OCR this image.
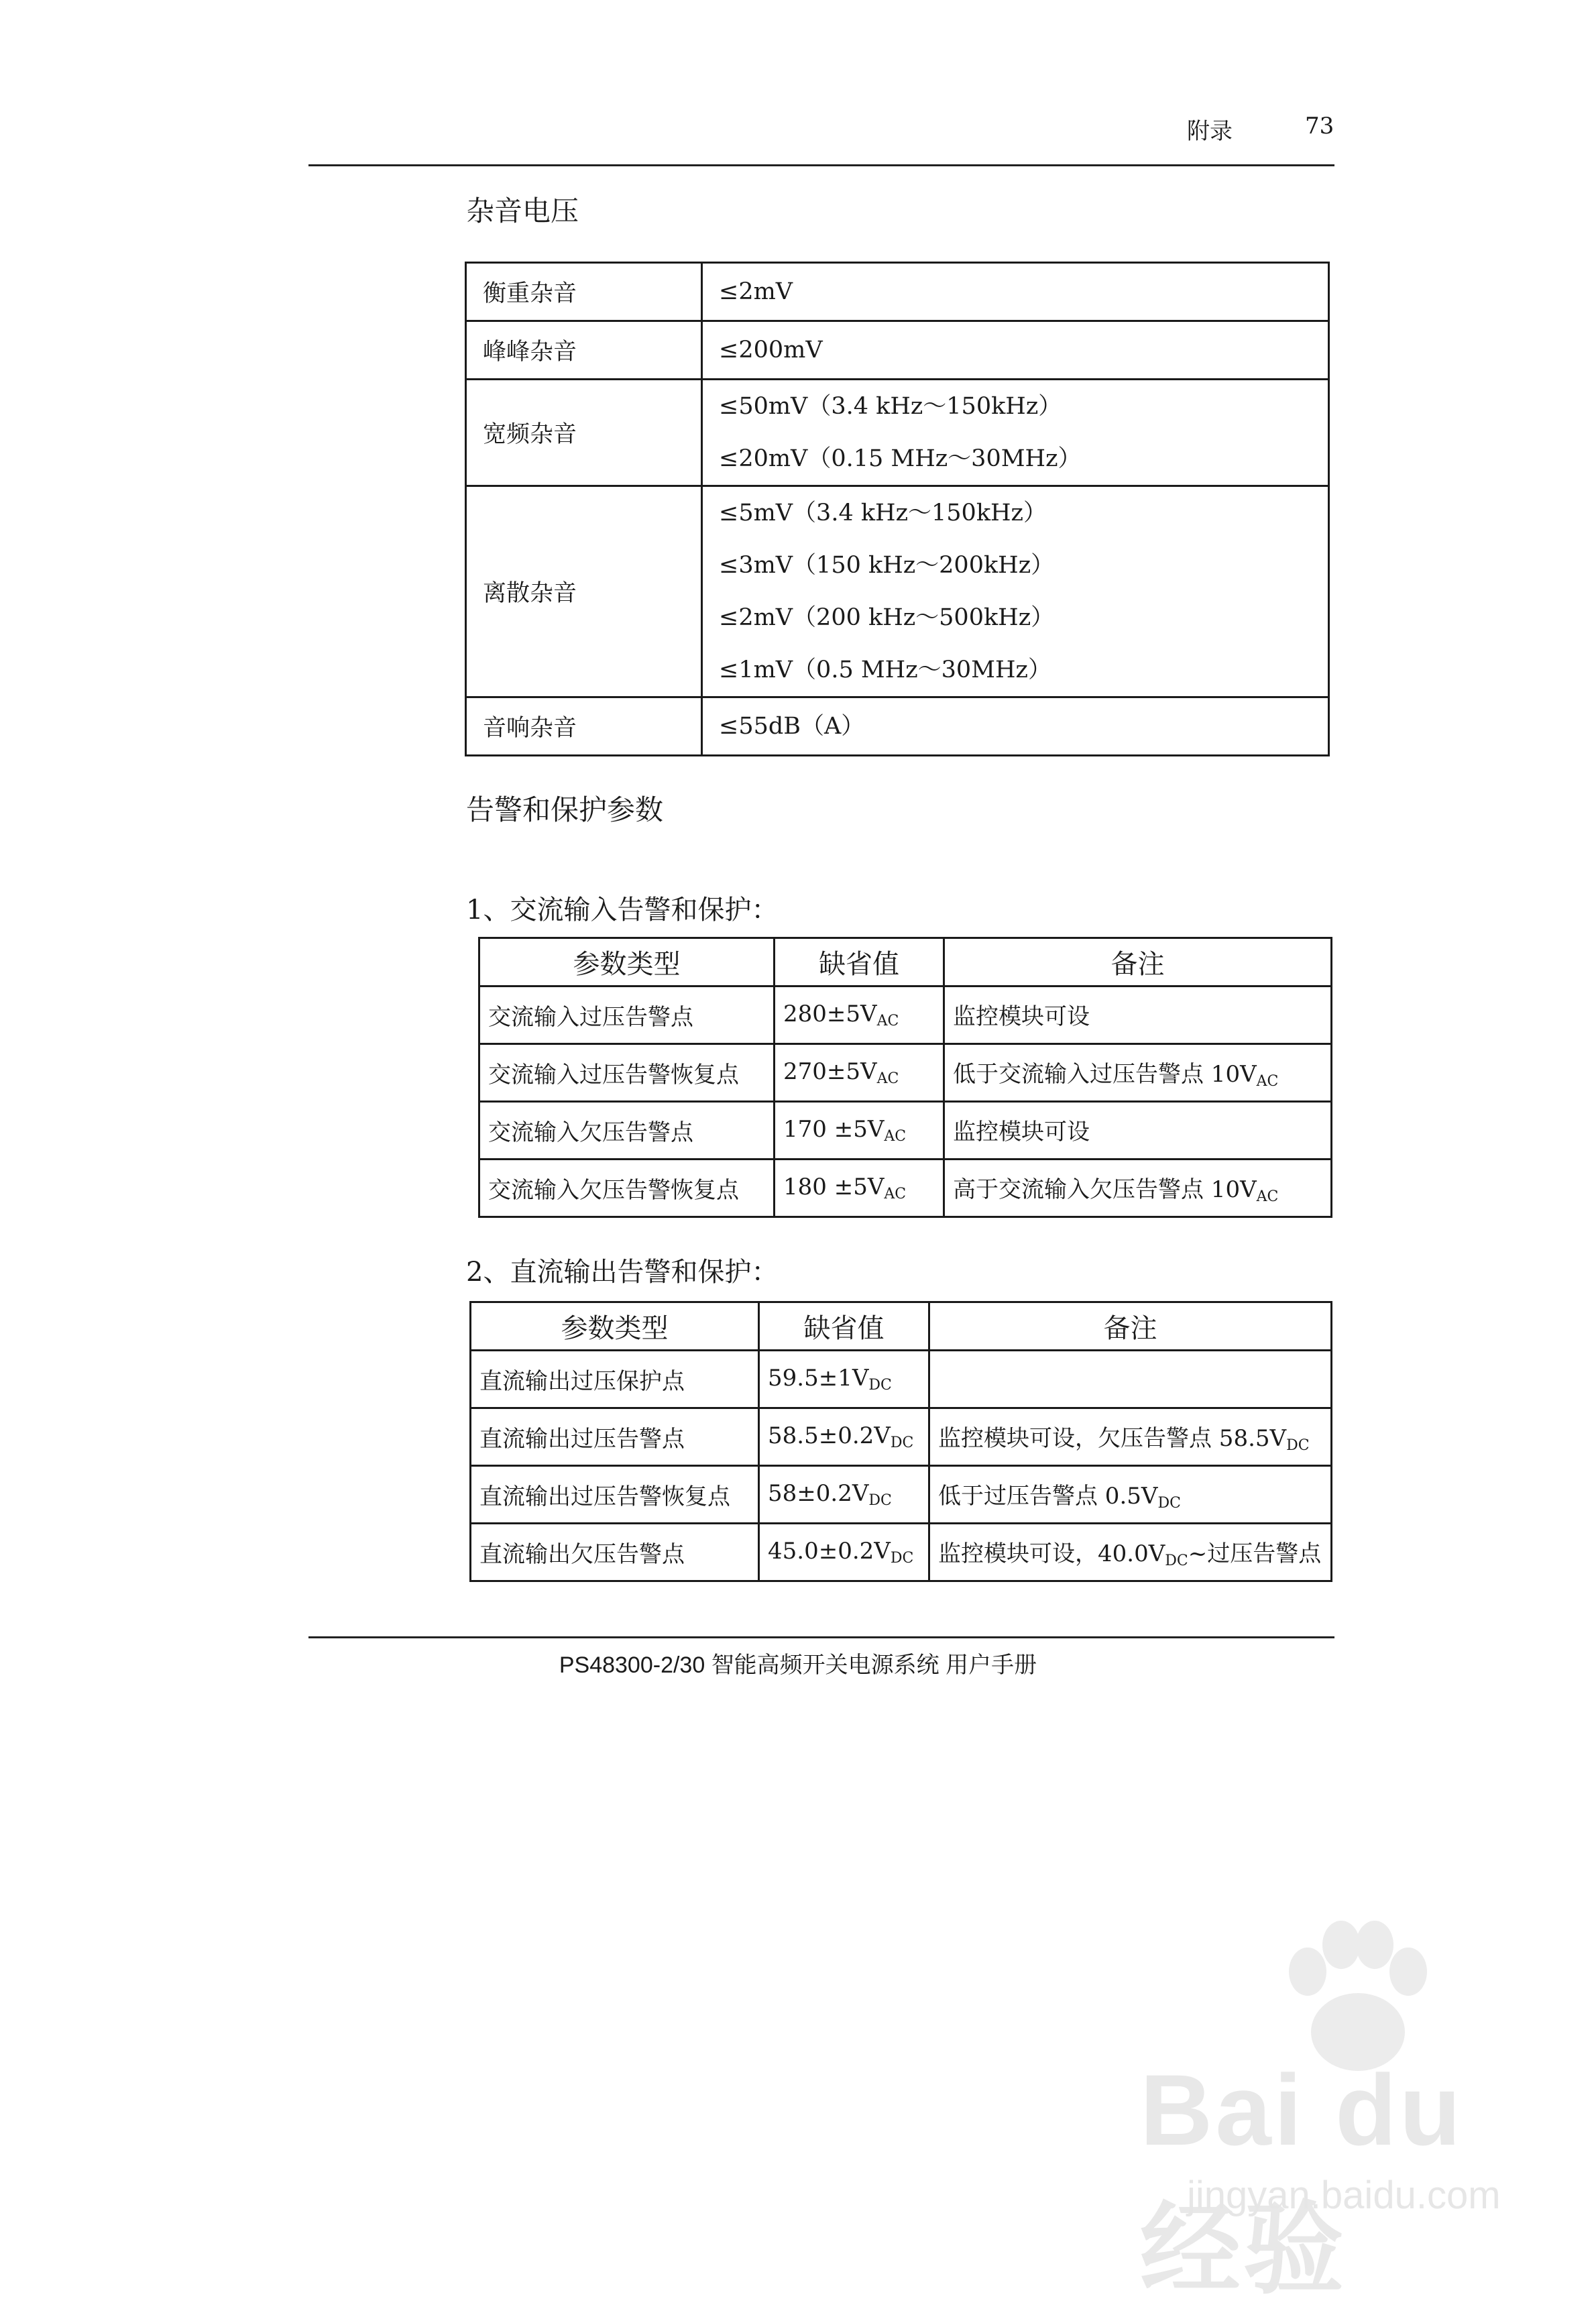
附录	73
杂音电压
衡重杂音	≤2mV

峰峰杂音	≤200mV

宽频杂音	≤50mV（3.4 kHz～150kHz）
≤20mV（0.15 MHz～30MHz）

离散杂音	≤5mV（3.4 kHz～150kHz）
≤3mV（150 kHz～200kHz）
≤2mV（200 kHz～500kHz）
≤1mV（0.5 MHz～30MHz）

音响杂音	≤55dB（A）
告警和保护参数
1、交流输入告警和保护：
参数类型	缺省值	备注
交流输入过压告警点	$280\pm 5V_{AC}$	监控模块可设
交流输入过压告警恢复点	$270\pm 5V_{AC}$	低于交流输入过压告警点 $10V_{AC}$
交流输入欠压告警点	$170 \pm 5V_{AC}$	监控模块可设
交流输入欠压告警恢复点	$180 \pm 5V_{AC}$	高于交流输入欠压告警点 $10V_{AC}$
2、直流输出告警和保护：
参数类型	缺省值	备注
直流输出过压保护点	$59.5\pm 1V_{DC}$	
直流输出过压告警点	$58.5\pm 0.2V_{DC}$	监控模块可设，欠压告警点 $58.5V_{DC}$
直流输出过压告警恢复点	$58\pm 0.2V_{DC}$	低于过压告警点 $0.5V_{DC}$
直流输出欠压告警点	$45.0\pm 0.2V_{DC}$	监控模块可设，$40.0V_{DC}\sim$过压告警点
PS48300-2/30 智能高频开关电源系统 用户手册
Bai du 经验
jingyan.baidu.com
